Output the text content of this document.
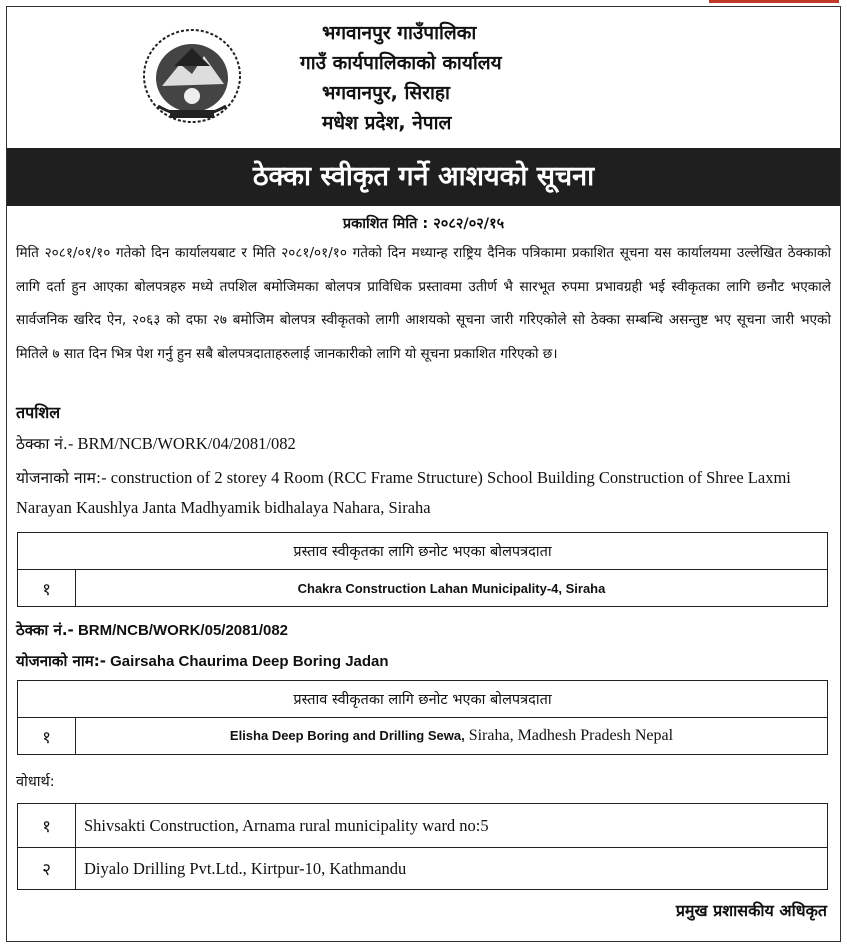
भगवानपुर गाउँपालिका
गाउँ कार्यपालिकाको कार्यालय
भगवानपुर, सिराहा
मधेश प्रदेश, नेपाल
ठेक्का स्वीकृत गर्ने आशयको सूचना
प्रकाशित मिति : २०८२/०२/१५
मिति २०८१/०१/१० गतेको दिन कार्यालयबाट र मिति २०८१/०१/१० गतेको दिन मध्यान्ह राष्ट्रिय दैनिक पत्रिकामा प्रकाशित सूचना यस कार्यालयमा उल्लेखित ठेक्काको लागि दर्ता हुन आएका बोलपत्रहरु मध्ये तपशिल बमोजिमका बोलपत्र प्राविधिक प्रस्तावमा उतीर्ण भै सारभूत रुपमा प्रभावग्रही भई स्वीकृतका लागि छनौट भएकाले सार्वजनिक खरिद ऐन, २०६३ को दफा २७ बमोजिम बोलपत्र स्वीकृतको लागी आशयको सूचना जारी गरिएकोले सो ठेक्का सम्बन्धि असन्तुष्ट भए सूचना जारी भएको मितिले ७ सात दिन भित्र पेश गर्नु हुन सबै बोलपत्रदाताहरुलाई जानकारीको लागि यो सूचना प्रकाशित गरिएको छ।
तपशिल
ठेक्का नं.- BRM/NCB/WORK/04/2081/082
योजनाको नाम:- construction of 2 storey 4 Room (RCC Frame Structure) School Building Construction of Shree Laxmi Narayan Kaushlya Janta Madhyamik bidhalaya Nahara, Siraha
प्रस्ताव स्वीकृतका लागि छनोट भएका बोलपत्रदाता
१	Chakra Construction Lahan Municipality-4, Siraha
ठेक्का नं.- BRM/NCB/WORK/05/2081/082
योजनाको नाम:- Gairsaha Chaurima Deep Boring Jadan
प्रस्ताव स्वीकृतका लागि छनोट भएका बोलपत्रदाता
१	Elisha Deep Boring and Drilling Sewa, Siraha, Madhesh Pradesh Nepal
वोधार्थ:
१	Shivsakti Construction, Arnama rural municipality ward no:5
२	Diyalo Drilling Pvt.Ltd., Kirtpur-10, Kathmandu
प्रमुख प्रशासकीय अधिकृत
